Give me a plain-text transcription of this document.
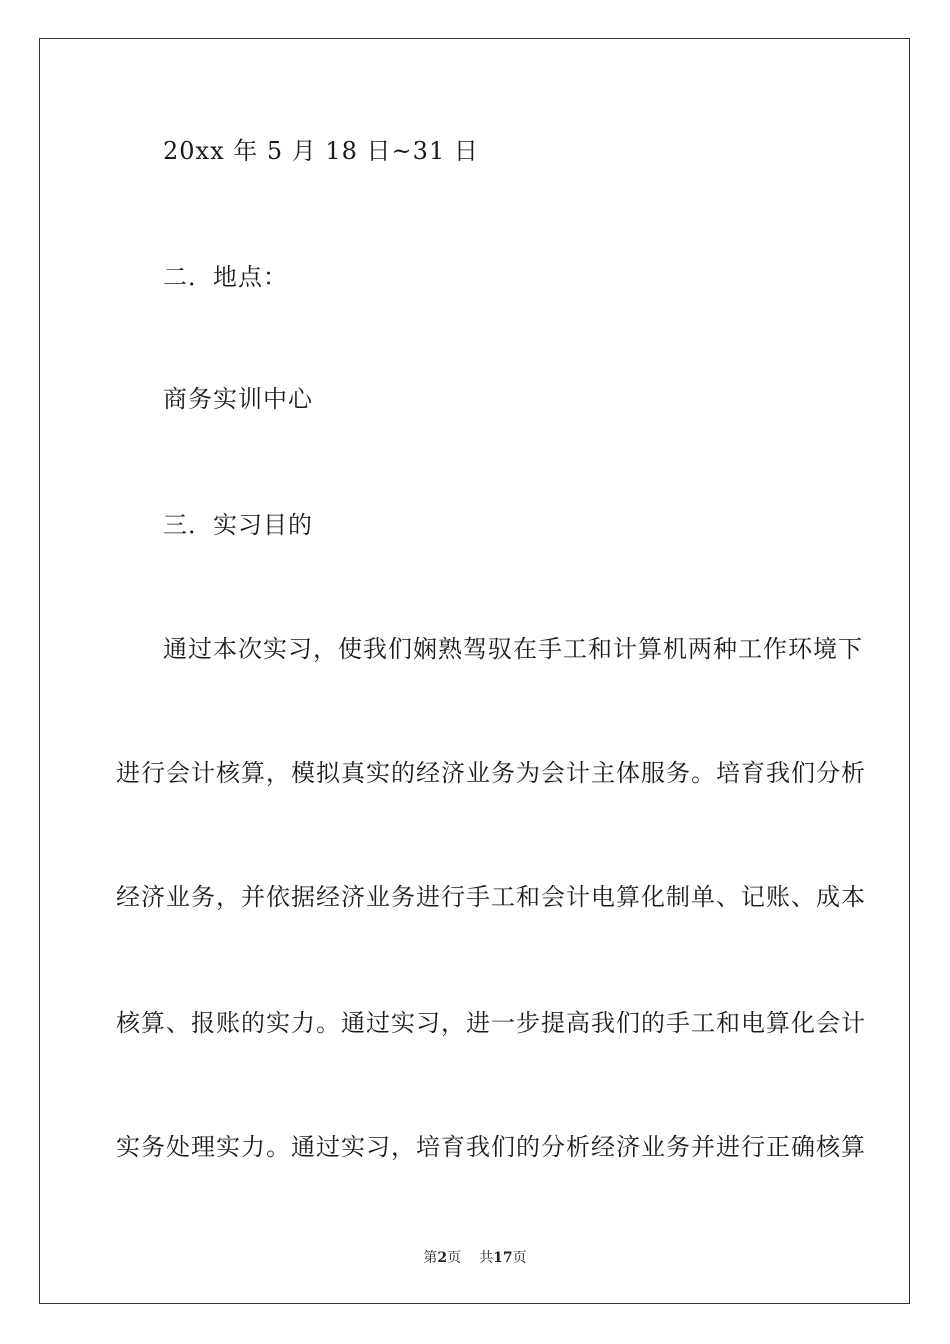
20xx 年 5 月 18 日~31 日
二．地点：
商务实训中心
三．实习目的
通过本次实习，使我们娴熟驾驭在手工和计算机两种工作环境下
进行会计核算，模拟真实的经济业务为会计主体服务。培育我们分析
经济业务，并依据经济业务进行手工和会计电算化制单、记账、成本
核算、报账的实力。通过实习，进一步提高我们的手工和电算化会计
实务处理实力。通过实习，培育我们的分析经济业务并进行正确核算
第2页 共17页
